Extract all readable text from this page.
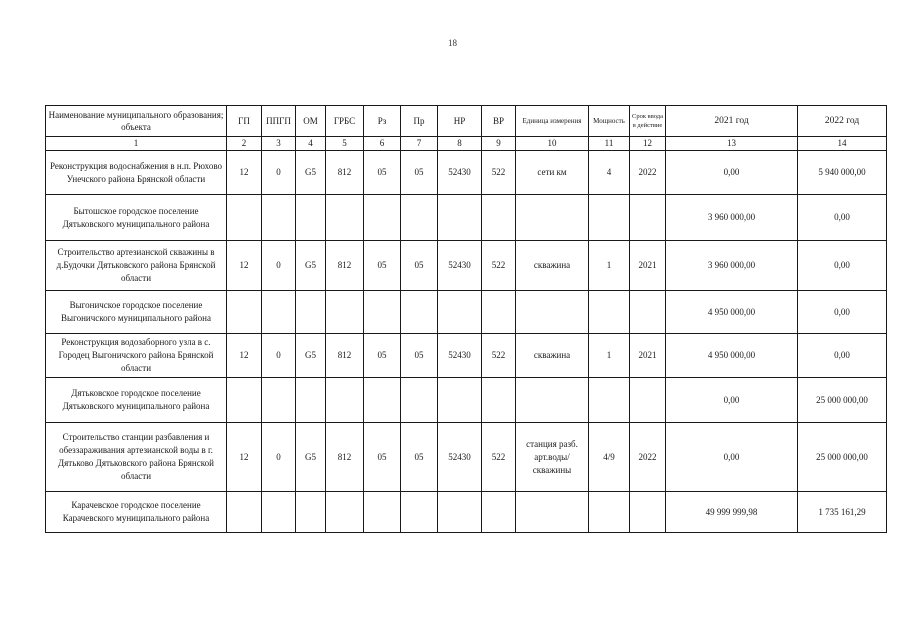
18
Наименование муниципального образования; объекта	ГП	ППГП	ОМ	ГРБС	Рз	Пр	НР	ВР	Единица измерения	Мощность	Срок ввода в действие	2021 год	2022 год
1	2	3	4	5	6	7	8	9	10	11	12	13	14
Реконструкция водоснабжения в н.п. Рюхово Унечского района Брянской области	12	0	G5	812	05	05	52430	522	сети км	4	2022	0,00	5 940 000,00
Бытошское городское поселение Дятьковского муниципального района												3 960 000,00	0,00
Строительство артезианской скважины в д.Будочки Дятьковского района Брянской области	12	0	G5	812	05	05	52430	522	скважина	1	2021	3 960 000,00	0,00
Выгоничское городское поселение Выгоничского муниципального района												4 950 000,00	0,00
Реконструкция водозаборного узла в с. Городец Выгоничского района Брянской области	12	0	G5	812	05	05	52430	522	скважина	1	2021	4 950 000,00	0,00
Дятьковское городское поселение Дятьковского муниципального района												0,00	25 000 000,00
Строительство станции разбавления и обеззараживания артезианской воды в г. Дятьково Дятьковского района Брянской области	12	0	G5	812	05	05	52430	522	станция разб. арт.воды/скважины	4/9	2022	0,00	25 000 000,00
Карачевское городское поселение Карачевского муниципального района												49 999 999,98	1 735 161,29
